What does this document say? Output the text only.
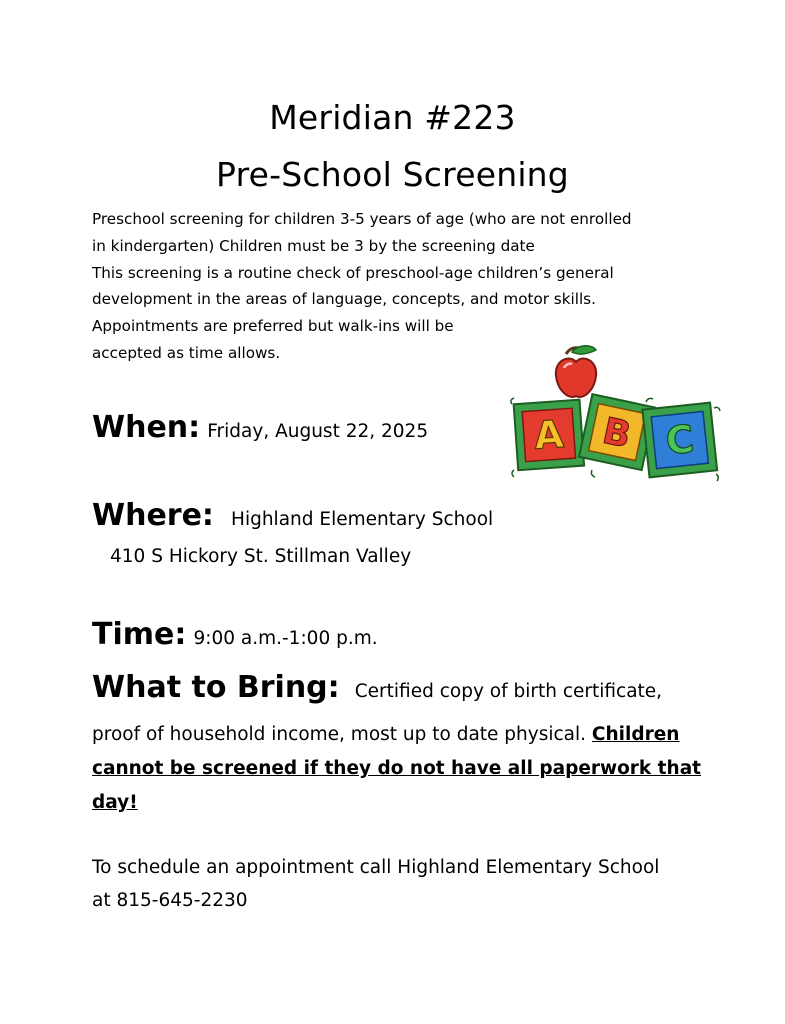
Meridian #223
Pre-School Screening
Preschool screening for children 3-5 years of age (who are not enrolled
in kindergarten) Children must be 3 by the screening date
This screening is a routine check of preschool-age children’s general
development in the areas of language, concepts, and motor skills.
Appointments are preferred but walk-ins will be
accepted as time allows.
A B C
When: Friday, August 22, 2025
Where: Highland Elementary School
410 S Hickory St. Stillman Valley
Time: 9:00 a.m.-1:00 p.m.
What to Bring: Certified copy of birth certificate,
proof of household income, most up to date physical. Children
cannot be screened if they do not have all paperwork that
day!
To schedule an appointment call Highland Elementary School
at 815-645-2230
